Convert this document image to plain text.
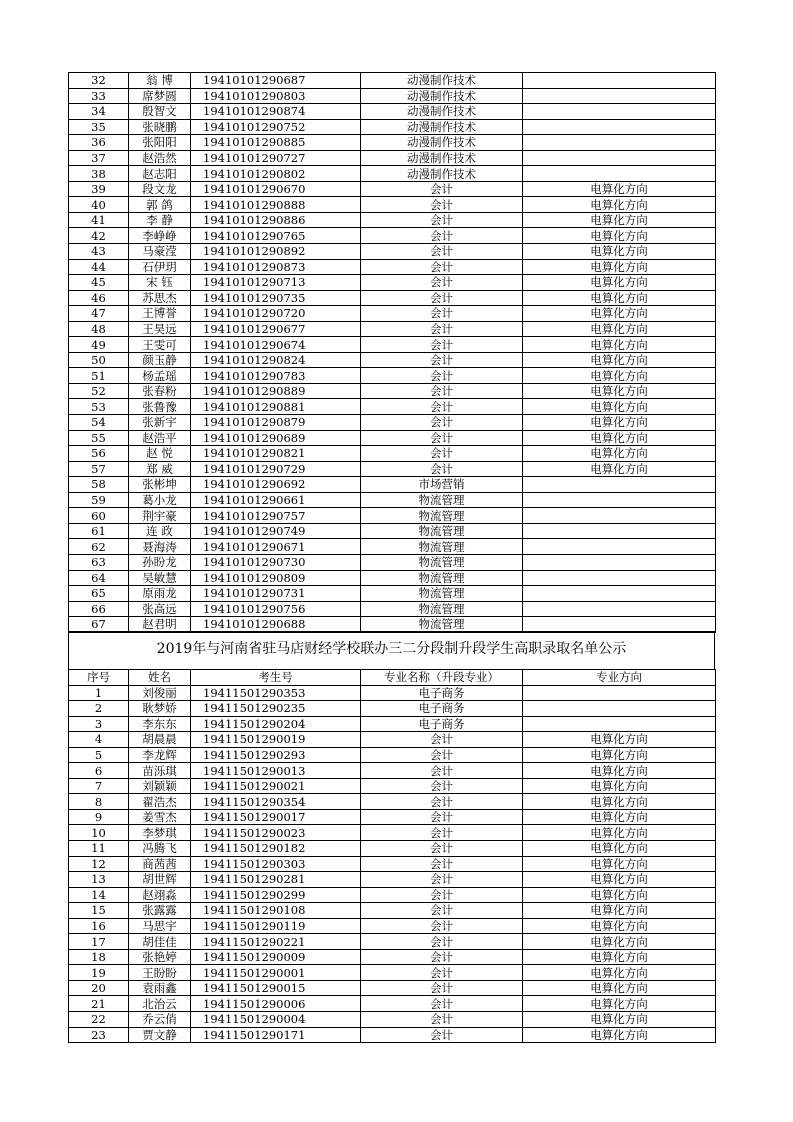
32	翁 博	19410101290687	动漫制作技术	
33	席梦圆	19410101290803	动漫制作技术	
34	殷智文	19410101290874	动漫制作技术	
35	张晓鹏	19410101290752	动漫制作技术	
36	张阳阳	19410101290885	动漫制作技术	
37	赵浩然	19410101290727	动漫制作技术	
38	赵志阳	19410101290802	动漫制作技术	
39	段文龙	19410101290670	会计	电算化方向
40	郭 鸽	19410101290888	会计	电算化方向
41	李 静	19410101290886	会计	电算化方向
42	李峥峥	19410101290765	会计	电算化方向
43	马豪滢	19410101290892	会计	电算化方向
44	石伊玥	19410101290873	会计	电算化方向
45	宋 钰	19410101290713	会计	电算化方向
46	苏思杰	19410101290735	会计	电算化方向
47	王博誉	19410101290720	会计	电算化方向
48	王昊远	19410101290677	会计	电算化方向
49	王雯可	19410101290674	会计	电算化方向
50	颜玉静	19410101290824	会计	电算化方向
51	杨孟瑶	19410101290783	会计	电算化方向
52	张春粉	19410101290889	会计	电算化方向
53	张鲁豫	19410101290881	会计	电算化方向
54	张新宇	19410101290879	会计	电算化方向
55	赵浩平	19410101290689	会计	电算化方向
56	赵 悦	19410101290821	会计	电算化方向
57	郑 威	19410101290729	会计	电算化方向
58	张彬坤	19410101290692	市场营销	
59	葛小龙	19410101290661	物流管理	
60	荆宇豪	19410101290757	物流管理	
61	连 政	19410101290749	物流管理	
62	聂海涛	19410101290671	物流管理	
63	孙盼龙	19410101290730	物流管理	
64	吴敏慧	19410101290809	物流管理	
65	原雨龙	19410101290731	物流管理	
66	张高远	19410101290756	物流管理	
67	赵君明	19410101290688	物流管理	
2019年与河南省驻马店财经学校联办三二分段制升段学生高职录取名单公示
序号	姓名	考生号	专业名称（升段专业）	专业方向
1	刘俊丽	19411501290353	电子商务	
2	耿梦娇	19411501290235	电子商务	
3	李东东	19411501290204	电子商务	
4	胡晨晨	19411501290019	会计	电算化方向
5	李龙辉	19411501290293	会计	电算化方向
6	苗泺琪	19411501290013	会计	电算化方向
7	刘颖颖	19411501290021	会计	电算化方向
8	翟浩杰	19411501290354	会计	电算化方向
9	姜雪杰	19411501290017	会计	电算化方向
10	李梦琪	19411501290023	会计	电算化方向
11	冯腾飞	19411501290182	会计	电算化方向
12	商茜茜	19411501290303	会计	电算化方向
13	胡世辉	19411501290281	会计	电算化方向
14	赵翊淼	19411501290299	会计	电算化方向
15	张露露	19411501290108	会计	电算化方向
16	马思宇	19411501290119	会计	电算化方向
17	胡佳佳	19411501290221	会计	电算化方向
18	张艳婷	19411501290009	会计	电算化方向
19	王盼盼	19411501290001	会计	电算化方向
20	袁雨鑫	19411501290015	会计	电算化方向
21	北治云	19411501290006	会计	电算化方向
22	乔云俏	19411501290004	会计	电算化方向
23	贾文静	19411501290171	会计	电算化方向
